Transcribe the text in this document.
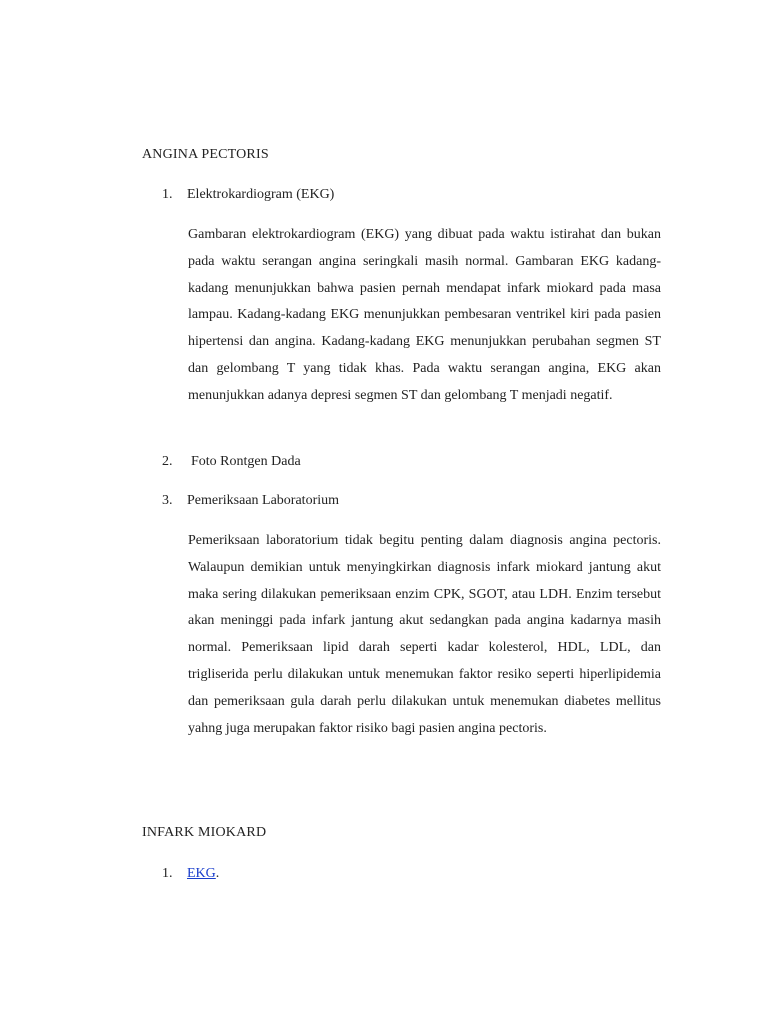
ANGINA PECTORIS
1. Elektrokardiogram (EKG)
Gambaran elektrokardiogram (EKG) yang dibuat pada waktu istirahat dan bukan pada waktu serangan angina seringkali masih normal. Gambaran EKG kadang-kadang menunjukkan bahwa pasien pernah mendapat infark miokard pada masa lampau. Kadang-kadang EKG menunjukkan pembesaran ventrikel kiri pada pasien hipertensi dan angina. Kadang-kadang EKG menunjukkan perubahan segmen ST dan gelombang T yang tidak khas. Pada waktu serangan angina, EKG akan menunjukkan adanya depresi segmen ST dan gelombang T menjadi negatif.
2. Foto Rontgen Dada
3. Pemeriksaan Laboratorium
Pemeriksaan laboratorium tidak begitu penting dalam diagnosis angina pectoris. Walaupun demikian untuk menyingkirkan diagnosis infark miokard jantung akut maka sering dilakukan pemeriksaan enzim CPK, SGOT, atau LDH. Enzim tersebut akan meninggi pada infark jantung akut sedangkan pada angina kadarnya masih normal. Pemeriksaan lipid darah seperti kadar kolesterol, HDL, LDL, dan trigliserida perlu dilakukan untuk menemukan faktor resiko seperti hiperlipidemia dan pemeriksaan gula darah perlu dilakukan untuk menemukan diabetes mellitus yahng juga merupakan faktor risiko bagi pasien angina pectoris.
INFARK MIOKARD
1. EKG.
